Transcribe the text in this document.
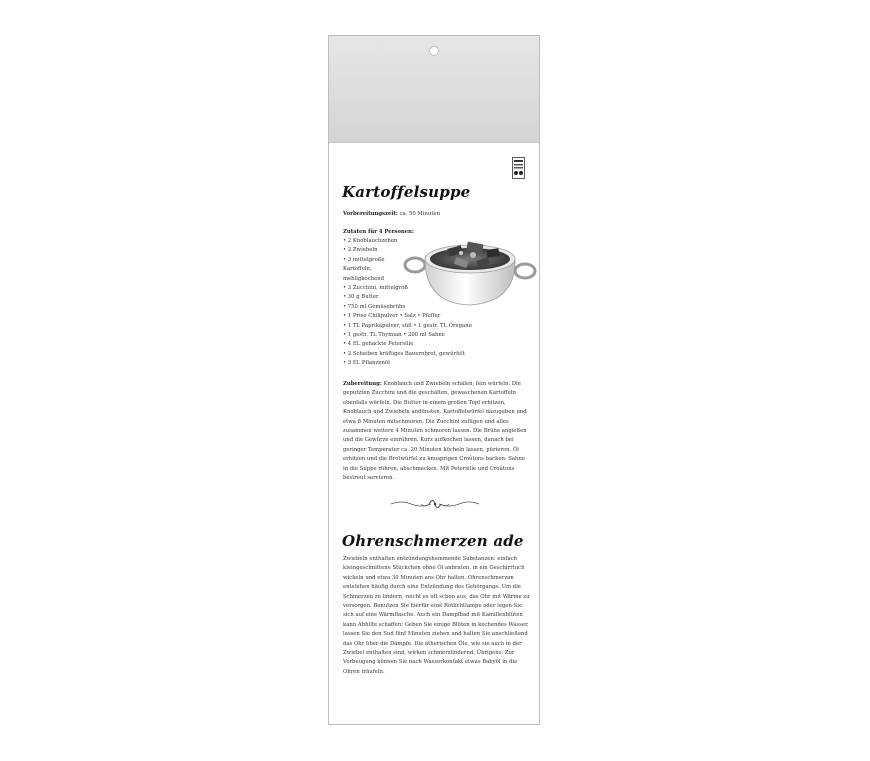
Kartoffelsuppe

Vorbereitungszeit: ca. 50 Minuten

Zutaten für 4 Personen:

• 2 Knoblauchzehen
• 2 Zwiebeln
• 3 mittelgroße
Kartoffeln,
mehligkochend
• 3 Zucchini, mittelgroß
• 30 g Butter
• 750 ml Gemüsebrühe
• 1 Prise Chilipulver • Salz • Pfeffer
• 1 TL Paprikapulver, süß • 1 gestr. TL Oregano
• 1 gestr. TL Thymian • 200 ml Sahne
• 4 EL gehackte Petersilie
• 2 Scheiben kräftiges Bauernbrot, gewürfelt
• 3 EL Pflanzenöl

Zubereitung: Knoblauch und Zwiebeln schälen, fein würfeln. Die geputzten Zucchini und die geschälten, gewaschenen Kartoffeln ebenfalls würfeln. Die Butter in einem großen Topf erhitzen, Knoblauch und Zwiebeln andünsten. Kartoffelwürfel dazugeben und etwa 8 Minuten mitschmoren. Die Zucchini zufügen und alles zusammen weitere 4 Minuten schmoren lassen. Die Brühe angießen und die Gewürze einrühren. Kurz aufkochen lassen, danach bei geringer Temperatur ca. 20 Minuten köcheln lassen, pürieren. Öl erhitzen und die Brotwürfel zu knusprigen Croûtons backen. Sahne in die Suppe rühren, abschmecken. Mit Petersilie und Croûtons bestreut servieren.

Ohrenschmerzen ade

Zwiebeln enthalten entzündungshemmende Substanzen: einfach kleingeschnittene Stückchen ohne Öl anbraten, in ein Geschirrtuch wickeln und etwa 30 Minuten ans Ohr halten. Ohrenschmerzen entstehen häufig durch eine Entzündung des Gehörgangs. Um die Schmerzen zu lindern, reicht es oft schon aus, das Ohr mit Wärme zu versorgen. Benutzen Sie hierfür eine Rotlichtlampe oder legen Sie sich auf eine Wärmflasche. Auch ein Dampfbad mit Kamillenblüten kann Abhilfe schaffen: Geben Sie einige Blüten in kochendes Wasser, lassen Sie den Sud fünf Minuten ziehen und halten Sie anschließend das Ohr über die Dämpfe. Die ätherischen Öle, wie sie auch in der Zwiebel enthalten sind, wirken schmerzlindernd. Übrigens: Zur Vorbeugung können Sie nach Wasserkontakt etwas Babyöl in die Ohren träufeln.
